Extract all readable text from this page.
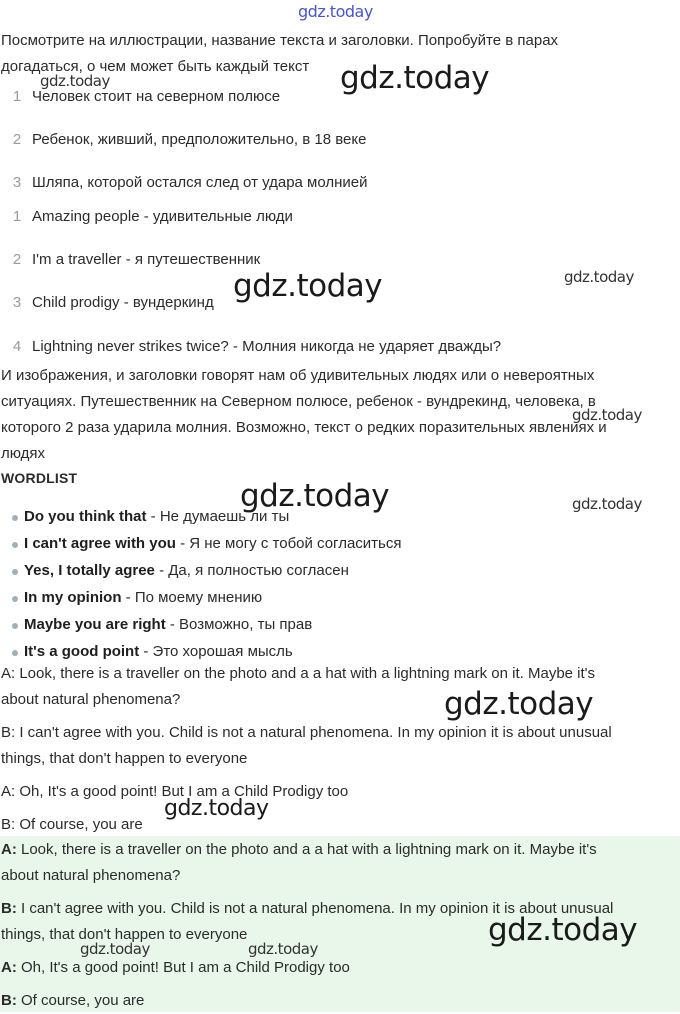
Посмотрите на иллюстрации, название текста и заголовки. Попробуйте в парах
догадаться, о чем может быть каждый текст
1 Человек стоит на северном полюсе
2 Ребенок, живший, предположительно, в 18 веке
3 Шляпа, которой остался след от удара молнией
1 Amazing people - удивительные люди
2 I'm a traveller - я путешественник
3 Child prodigy - вундеркинд
4 Lightning never strikes twice? - Молния никогда не ударяет дважды?
И изображения, и заголовки говорят нам об удивительных людях или о невероятных
ситуациях. Путешественник на Северном полюсе, ребенок - вундрекинд, человека, в
которого 2 раза ударила молния. Возможно, текст о редких поразительных явлениях и
людях
WORDLIST
Do you think that - Не думаешь ли ты
I can't agree with you - Я не могу с тобой согласиться
Yes, I totally agree - Да, я полностью согласен
In my opinion - По моему мнению
Maybe you are right - Возможно, ты прав
It's a good point - Это хорошая мысль
A: Look, there is a traveller on the photo and a a hat with a lightning mark on it. Maybe it's
about natural phenomena?
B: I can't agree with you. Child is not a natural phenomena. In my opinion it is about unusual
things, that don't happen to everyone
A: Oh, It's a good point! But I am a Child Prodigy too
B: Of course, you are
A: Look, there is a traveller on the photo and a a hat with a lightning mark on it. Maybe it's
about natural phenomena?
B: I can't agree with you. Child is not a natural phenomena. In my opinion it is about unusual
things, that don't happen to everyone
A: Oh, It's a good point! But I am a Child Prodigy too
B: Of course, you are
gdz.today
gdz.today	gdz.today
gdz.today	gdz.today
gdz.today
gdz.today	gdz.today
gdz.today
gdz.today
gdz.today
gdz.today	gdz.today
